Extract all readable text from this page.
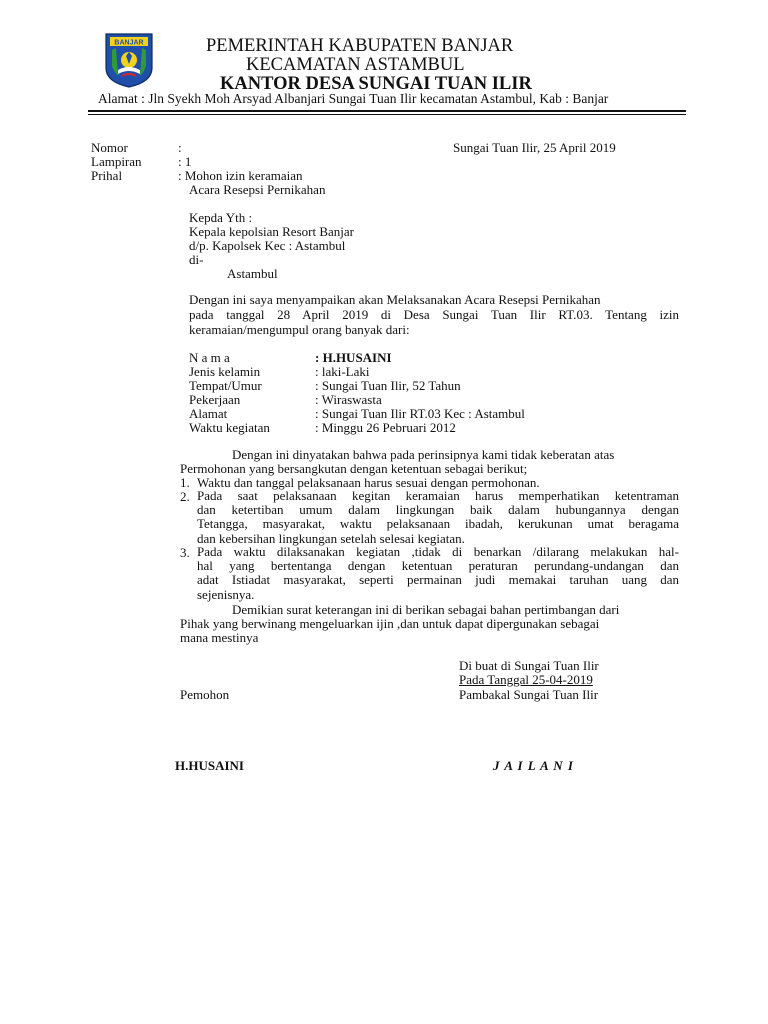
BANJAR	PEMERINTAH KABUPATEN BANJAR
KECAMATAN ASTAMBUL
KANTOR DESA SUNGAI TUAN ILIR
Alamat : Jln Syekh Moh Arsyad Albanjari Sungai Tuan Ilir kecamatan Astambul, Kab : Banjar
Nomor	:	Sungai Tuan Ilir, 25 April 2019
Lampiran	: 1
Prihal	: Mohon izin keramaian
Acara Resepsi Pernikahan
Kepda Yth :
Kepala kepolsian Resort Banjar
d/p. Kapolsek Kec : Astambul
di-
Astambul
Dengan ini saya menyampaikan akan Melaksanakan Acara Resepsi Pernikahan
pada tanggal 28 April 2019 di Desa Sungai Tuan Ilir RT.03. Tentang izin
keramaian/mengumpul orang banyak dari:
N a m a	: H.HUSAINI
Jenis kelamin	: laki-Laki
Tempat/Umur	: Sungai Tuan Ilir, 52 Tahun
Pekerjaan	: Wiraswasta
Alamat	: Sungai Tuan Ilir RT.03 Kec : Astambul
Waktu kegiatan	: Minggu 26 Pebruari 2012
Dengan ini dinyatakan bahwa pada perinsipnya kami tidak keberatan atas
Permohonan yang bersangkutan dengan ketentuan sebagai berikut;
1. Waktu dan tanggal pelaksanaan harus sesuai dengan permohonan.
2. Pada saat pelaksanaan kegitan keramaian harus memperhatikan ketentraman
dan ketertiban umum dalam lingkungan baik dalam hubungannya dengan
Tetangga, masyarakat, waktu pelaksanaan ibadah, kerukunan umat beragama
dan kebersihan lingkungan setelah selesai kegiatan.
3. Pada waktu dilaksanakan kegiatan ,tidak di benarkan /dilarang melakukan hal-
hal yang bertentanga dengan ketentuan peraturan perundang-undangan dan
adat Istiadat masyarakat, seperti permainan judi memakai taruhan uang dan
sejenisnya.
Demikian surat keterangan ini di berikan sebagai bahan pertimbangan dari
Pihak yang berwinang mengeluarkan ijin ,dan untuk dapat dipergunakan sebagai
mana mestinya
Di buat di Sungai Tuan Ilir
Pada Tanggal 25-04-2019
Pemohon	Pambakal Sungai Tuan Ilir
H.HUSAINI	J A I L A N I
